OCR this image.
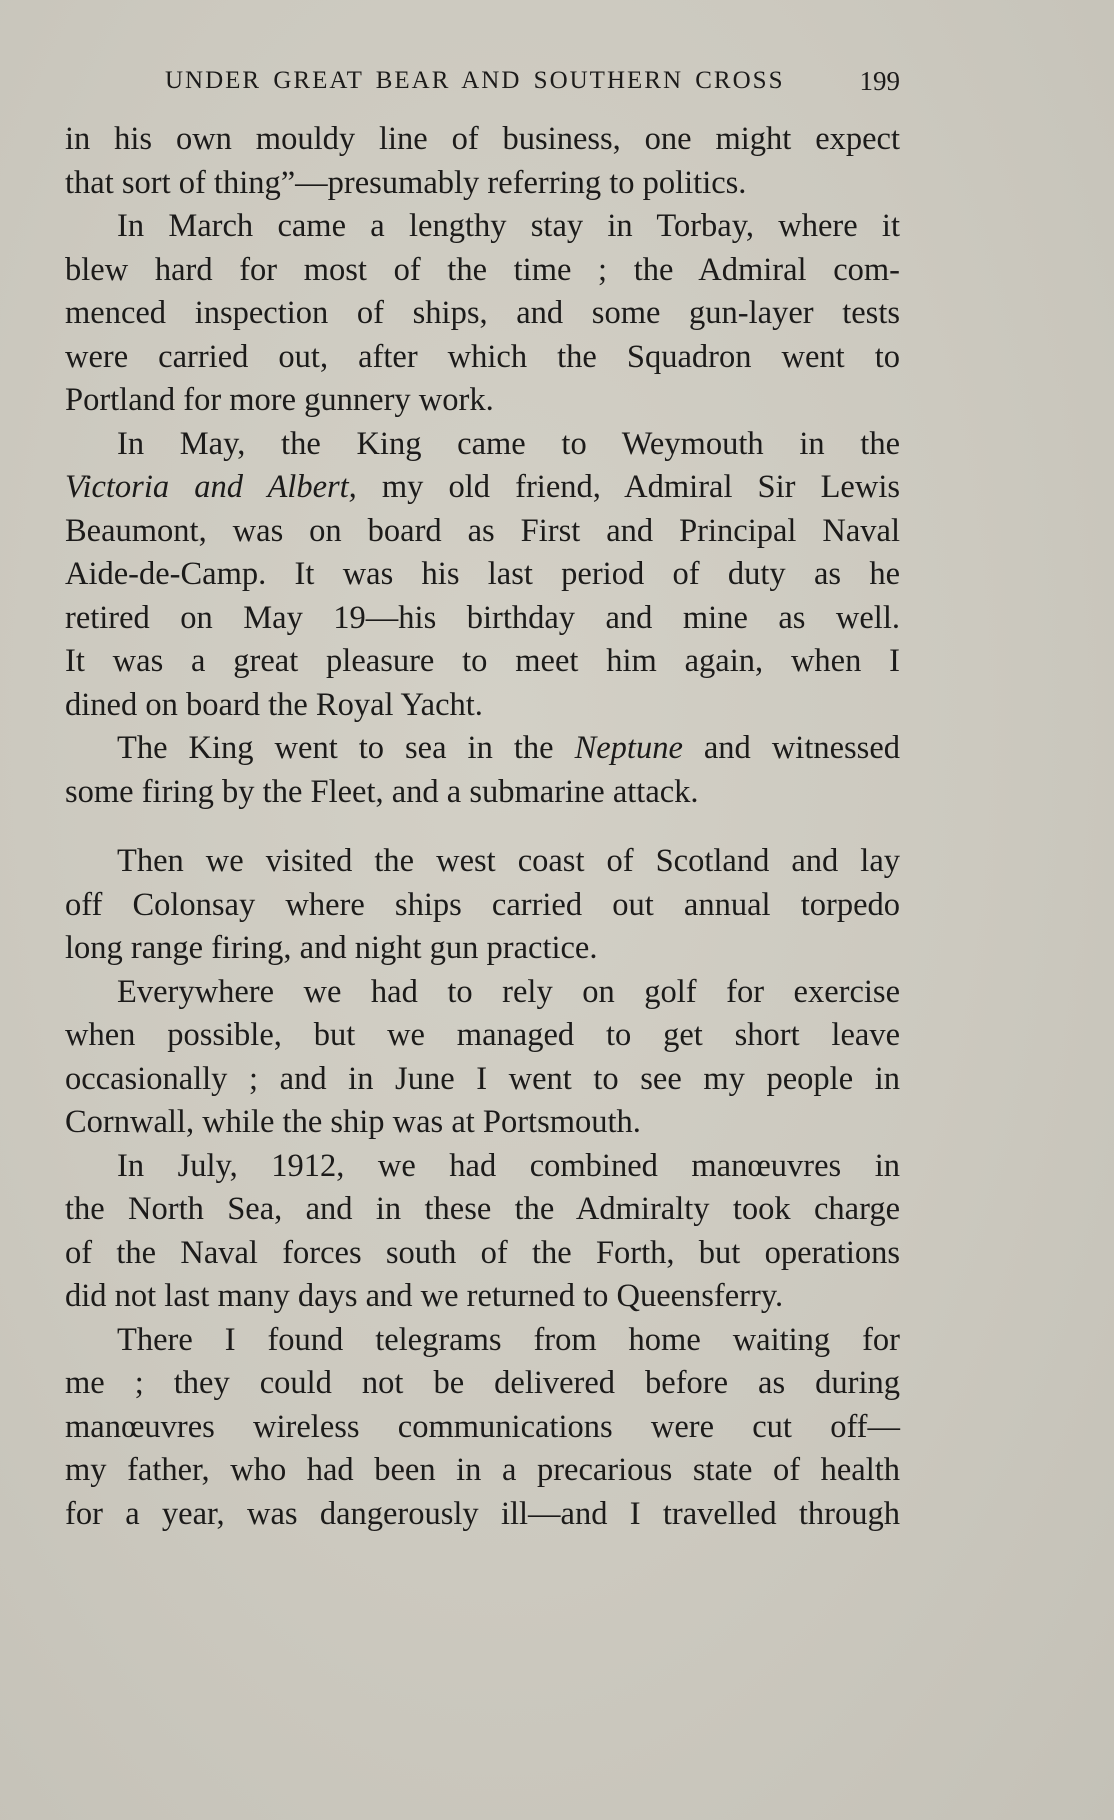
UNDER GREAT BEAR AND SOUTHERN CROSS	199
in his own mouldy line of business, one might expect
that sort of thing”—presumably referring to politics.
In March came a lengthy stay in Torbay, where it
blew hard for most of the time ; the Admiral com-
menced inspection of ships, and some gun-layer tests
were carried out, after which the Squadron went to
Portland for more gunnery work.
In May, the King came to Weymouth in the
Victoria and Albert, my old friend, Admiral Sir Lewis
Beaumont, was on board as First and Principal Naval
Aide-de-Camp. It was his last period of duty as he
retired on May 19—his birthday and mine as well.
It was a great pleasure to meet him again, when I
dined on board the Royal Yacht.
The King went to sea in the Neptune and witnessed
some firing by the Fleet, and a submarine attack.
Then we visited the west coast of Scotland and lay
off Colonsay where ships carried out annual torpedo
long range firing, and night gun practice.
Everywhere we had to rely on golf for exercise
when possible, but we managed to get short leave
occasionally ; and in June I went to see my people in
Cornwall, while the ship was at Portsmouth.
In July, 1912, we had combined manœuvres in
the North Sea, and in these the Admiralty took charge
of the Naval forces south of the Forth, but operations
did not last many days and we returned to Queensferry.
There I found telegrams from home waiting for
me ; they could not be delivered before as during
manœuvres wireless communications were cut off—
my father, who had been in a precarious state of health
for a year, was dangerously ill—and I travelled through
